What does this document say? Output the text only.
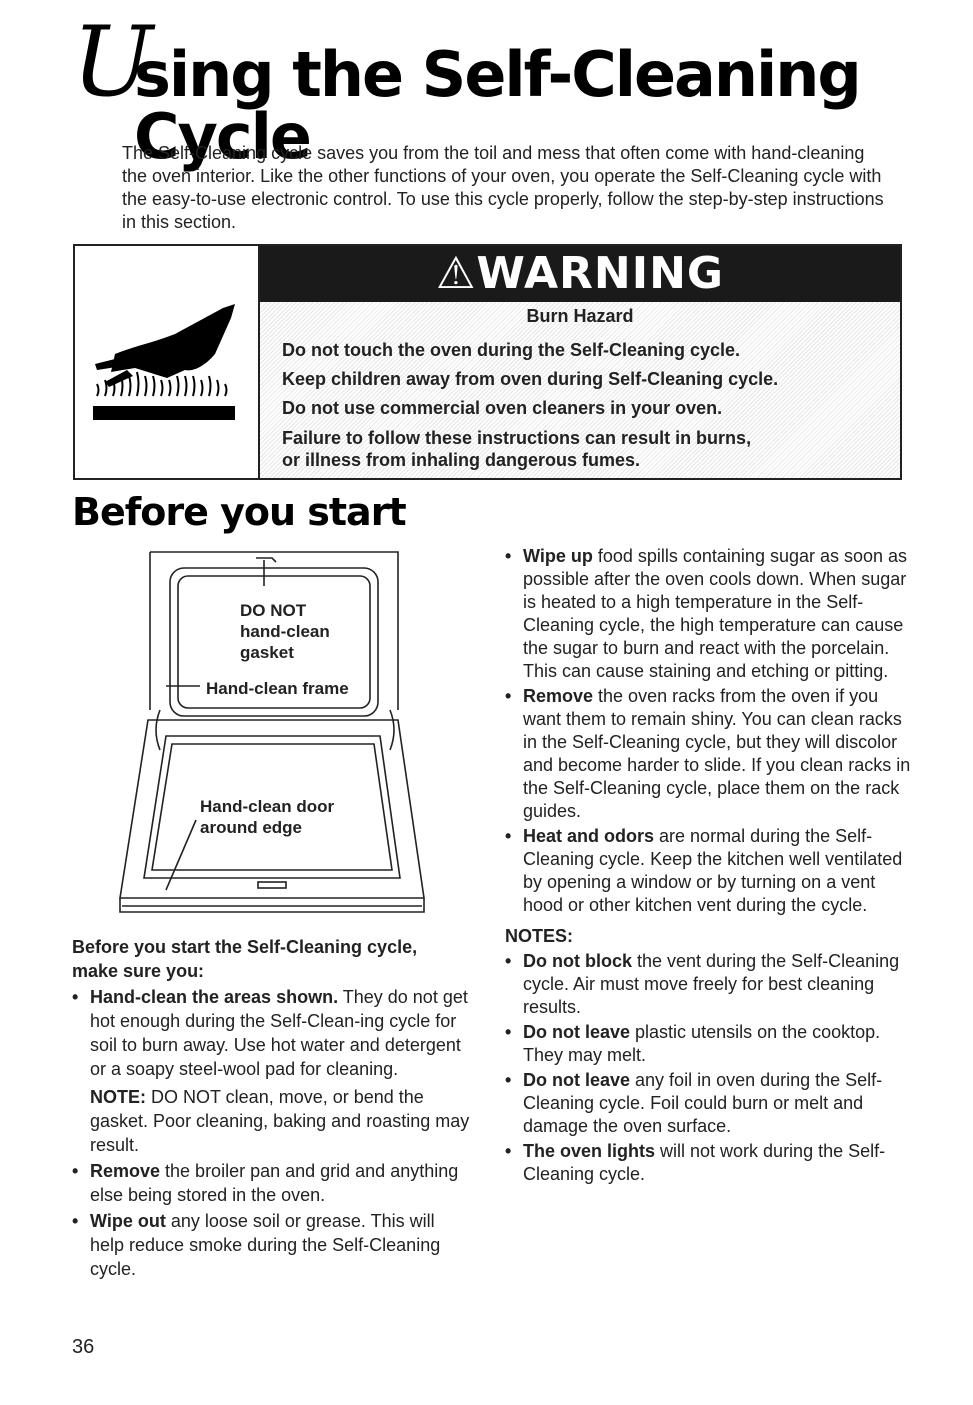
U
sing the Self-Cleaning Cycle
The Self-Cleaning cycle saves you from the toil and mess that often come with hand-cleaning the oven interior. Like the other functions of your oven, you operate the Self-Cleaning cycle with the easy-to-use electronic control. To use this cycle properly, follow the step-by-step instructions in this section.
⚠WARNING
Burn Hazard
Do not touch the oven during the Self-Cleaning cycle.
Keep children away from oven during Self-Cleaning cycle.
Do not use commercial oven cleaners in your oven.
Failure to follow these instructions can result in burns,
or illness from inhaling dangerous fumes.
Before you start
DO NOT
hand-clean
gasket
Hand-clean frame
Hand-clean door
around edge
Before you start the Self-Cleaning cycle,
make sure you:
• Hand-clean the areas shown. They do not get hot enough during the Self-Clean-ing cycle for soil to burn away. Use hot water and detergent or a soapy steel-wool pad for cleaning.
NOTE: DO NOT clean, move, or bend the gasket. Poor cleaning, baking and roasting may result.
• Remove the broiler pan and grid and anything else being stored in the oven.
• Wipe out any loose soil or grease. This will help reduce smoke during the Self-Cleaning cycle.
• Wipe up food spills containing sugar as soon as possible after the oven cools down. When sugar is heated to a high temperature in the Self-Cleaning cycle, the high temperature can cause the sugar to burn and react with the porcelain. This can cause staining and etching or pitting.
• Remove the oven racks from the oven if you want them to remain shiny. You can clean racks in the Self-Cleaning cycle, but they will discolor and become harder to slide. If you clean racks in the Self-Cleaning cycle, place them on the rack guides.
• Heat and odors are normal during the Self-Cleaning cycle. Keep the kitchen well ventilated by opening a window or by turning on a vent hood or other kitchen vent during the cycle.
NOTES:
• Do not block the vent during the Self-Cleaning cycle. Air must move freely for best cleaning results.
• Do not leave plastic utensils on the cooktop. They may melt.
• Do not leave any foil in oven during the Self-Cleaning cycle. Foil could burn or melt and damage the oven surface.
• The oven lights will not work during the Self-Cleaning cycle.
36
